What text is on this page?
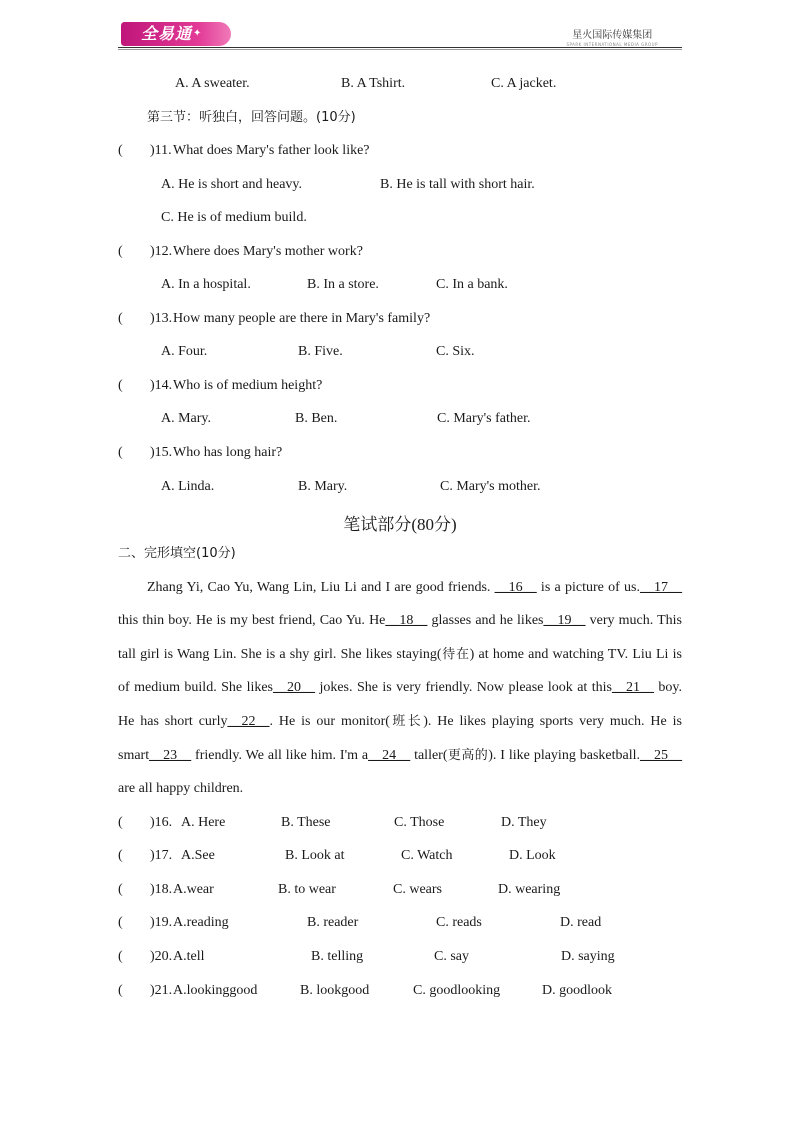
全易通✦	星火国际传媒集团
SPARK INTERNATIONAL MEDIA GROUP
A. A sweater.	B. A Tshirt.	C. A jacket.
第三节：听独白，回答问题。(10分)
( )11. What does Mary's father look like?
A. He is short and heavy.	B. He is tall with short hair.
C. He is of medium build.
( )12. Where does Mary's mother work?
A. In a hospital.	B. In a store.	C. In a bank.
( )13. How many people are there in Mary's family?
A. Four.	B. Five.	C. Six.
( )14. Who is of medium height?
A. Mary.	B. Ben.	C. Mary's father.
( )15. Who has long hair?
A. Linda.	B. Mary.	C. Mary's mother.
笔试部分(80分)
二、完形填空(10分)
Zhang Yi, Cao Yu, Wang Lin, Liu Li and I are good friends. __16__ is a picture of us.__17__
this thin boy. He is my best friend, Cao Yu. He__18__ glasses and he likes__19__ very much. This
tall girl is Wang Lin. She is a shy girl. She likes staying(待在) at home and watching TV. Liu Li is
of medium build. She likes__20__ jokes. She is very friendly. Now please look at this__21__ boy.
He has short curly__22__. He is our monitor(班长). He likes playing sports very much. He is
smart__23__ friendly. We all like him. I'm a__24__ taller(更高的). I like playing basketball.__25__
are all happy children.
( )16. A. Here	B. These	C. Those	D. They
( )17. A.See	B. Look at	C. Watch	D. Look
( )18. A.wear	B. to wear	C. wears	D. wearing
( )19. A.reading	B. reader	C. reads	D. read
( )20. A.tell	B. telling	C. say	D. saying
( )21. A.lookinggood	B. lookgood	C. goodlooking	D. goodlook
